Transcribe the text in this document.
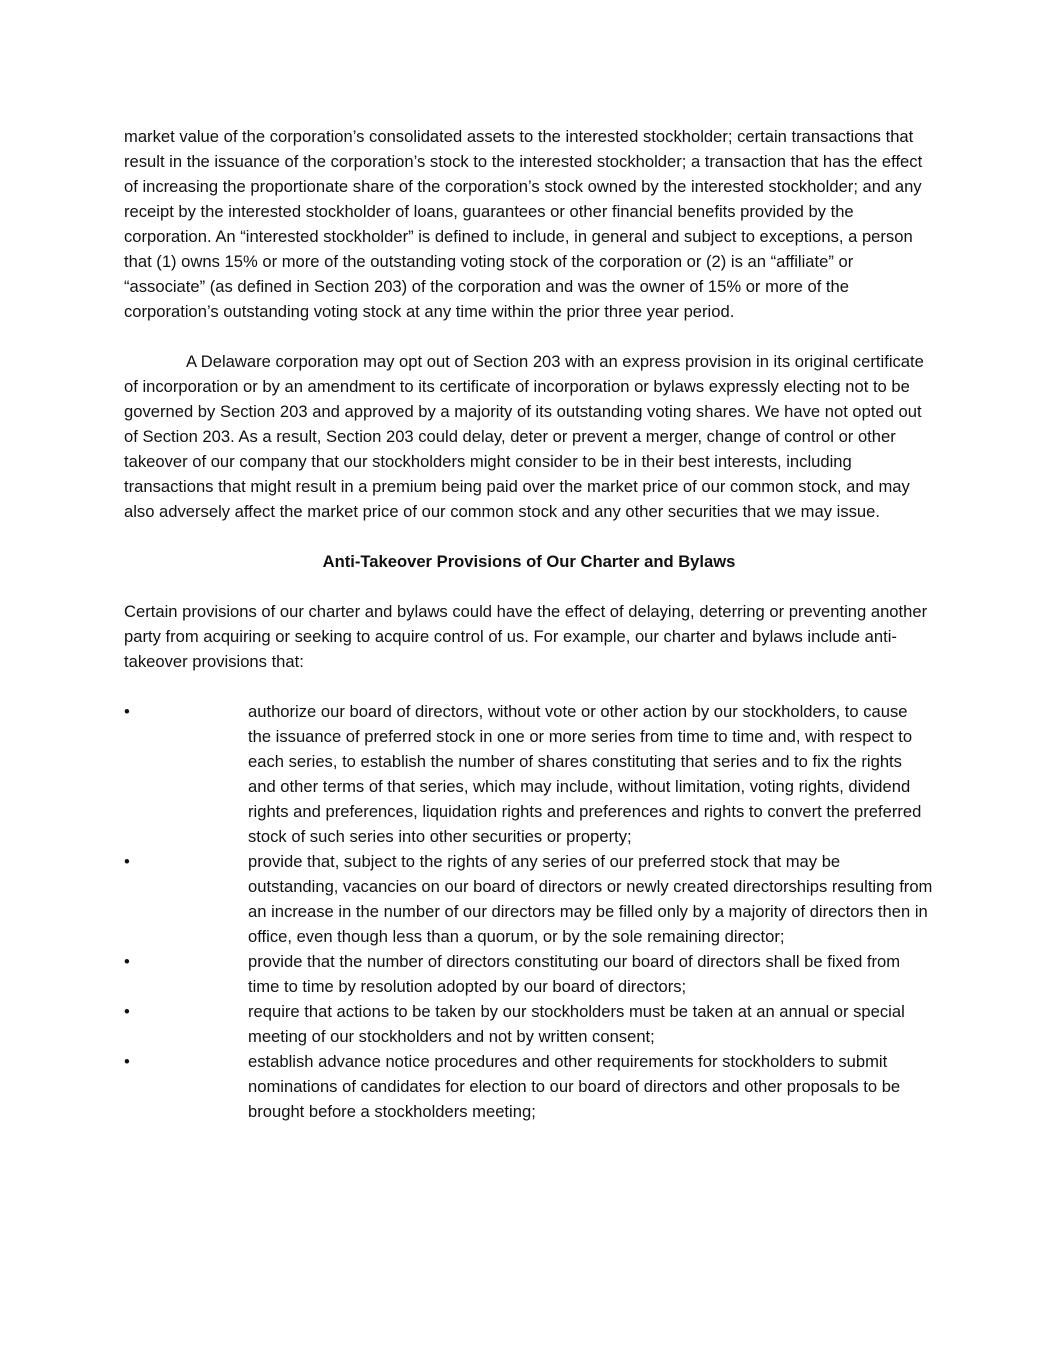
market value of the corporation’s consolidated assets to the interested stockholder; certain transactions that result in the issuance of the corporation’s stock to the interested stockholder; a transaction that has the effect of increasing the proportionate share of the corporation’s stock owned by the interested stockholder; and any receipt by the interested stockholder of loans, guarantees or other financial benefits provided by the corporation. An “interested stockholder” is defined to include, in general and subject to exceptions, a person that (1) owns 15% or more of the outstanding voting stock of the corporation or (2) is an “affiliate” or “associate” (as defined in Section 203) of the corporation and was the owner of 15% or more of the corporation’s outstanding voting stock at any time within the prior three year period.

A Delaware corporation may opt out of Section 203 with an express provision in its original certificate of incorporation or by an amendment to its certificate of incorporation or bylaws expressly electing not to be governed by Section 203 and approved by a majority of its outstanding voting shares. We have not opted out of Section 203. As a result, Section 203 could delay, deter or prevent a merger, change of control or other takeover of our company that our stockholders might consider to be in their best interests, including transactions that might result in a premium being paid over the market price of our common stock, and may also adversely affect the market price of our common stock and any other securities that we may issue.

Anti-Takeover Provisions of Our Charter and Bylaws

Certain provisions of our charter and bylaws could have the effect of delaying, deterring or preventing another party from acquiring or seeking to acquire control of us. For example, our charter and bylaws include anti-takeover provisions that:

•	authorize our board of directors, without vote or other action by our stockholders, to cause the issuance of preferred stock in one or more series from time to time and, with respect to each series, to establish the number of shares constituting that series and to fix the rights and other terms of that series, which may include, without limitation, voting rights, dividend rights and preferences, liquidation rights and preferences and rights to convert the preferred stock of such series into other securities or property;
•	provide that, subject to the rights of any series of our preferred stock that may be outstanding, vacancies on our board of directors or newly created directorships resulting from an increase in the number of our directors may be filled only by a majority of directors then in office, even though less than a quorum, or by the sole remaining director;
•	provide that the number of directors constituting our board of directors shall be fixed from time to time by resolution adopted by our board of directors;
•	require that actions to be taken by our stockholders must be taken at an annual or special meeting of our stockholders and not by written consent;
•	establish advance notice procedures and other requirements for stockholders to submit nominations of candidates for election to our board of directors and other proposals to be brought before a stockholders meeting;
